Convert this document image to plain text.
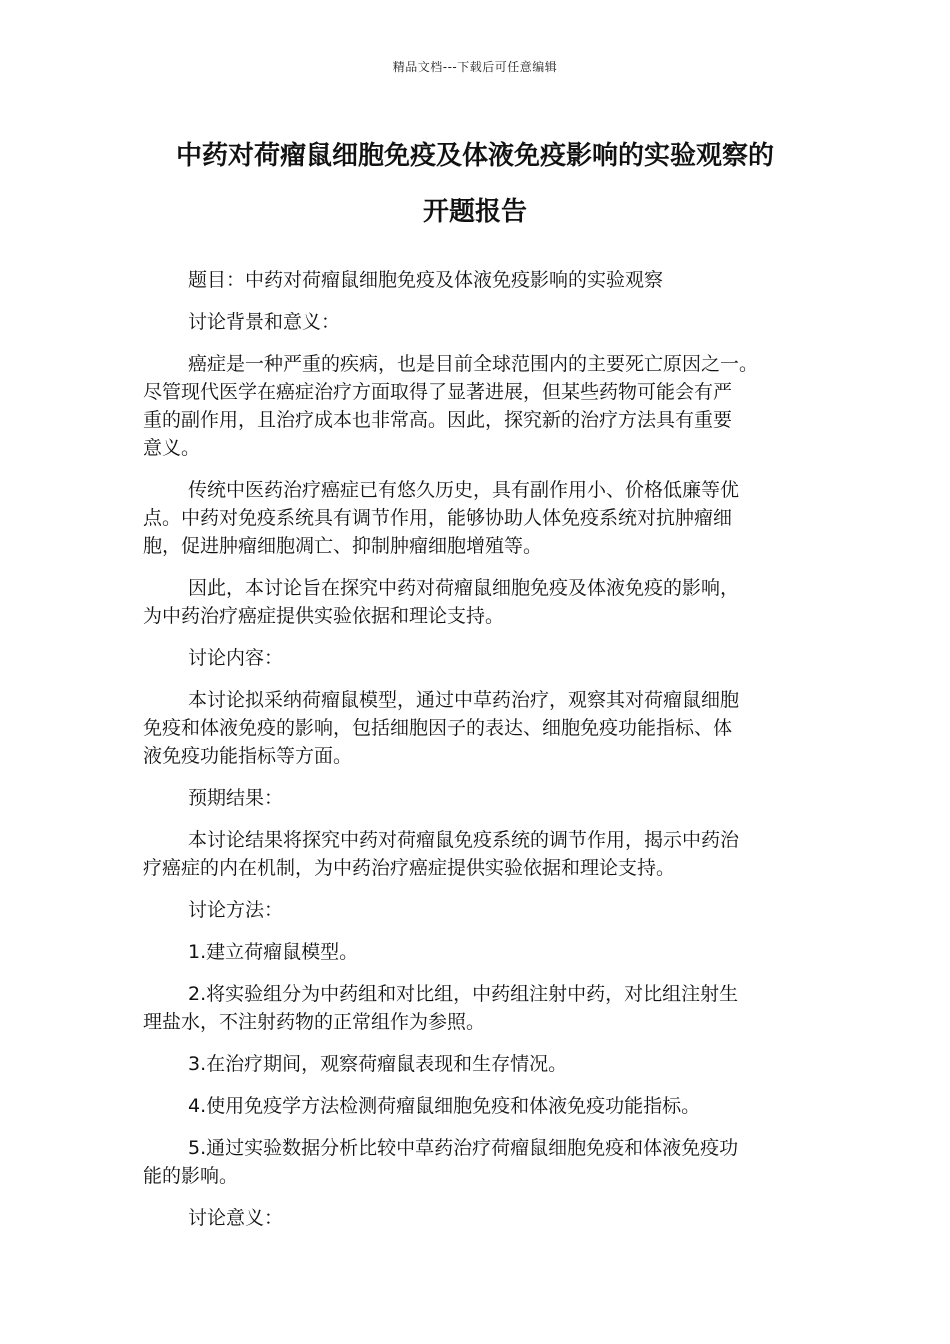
精品文档---下载后可任意编辑
中药对荷瘤鼠细胞免疫及体液免疫影响的实验观察的
开题报告

题目：中药对荷瘤鼠细胞免疫及体液免疫影响的实验观察

讨论背景和意义：

癌症是一种严重的疾病，也是目前全球范围内的主要死亡原因之一。
尽管现代医学在癌症治疗方面取得了显著进展，但某些药物可能会有严
重的副作用，且治疗成本也非常高。因此，探究新的治疗方法具有重要
意义。

传统中医药治疗癌症已有悠久历史，具有副作用小、价格低廉等优
点。中药对免疫系统具有调节作用，能够协助人体免疫系统对抗肿瘤细
胞，促进肿瘤细胞凋亡、抑制肿瘤细胞增殖等。

因此，本讨论旨在探究中药对荷瘤鼠细胞免疫及体液免疫的影响，
为中药治疗癌症提供实验依据和理论支持。

讨论内容：

本讨论拟采纳荷瘤鼠模型，通过中草药治疗，观察其对荷瘤鼠细胞
免疫和体液免疫的影响，包括细胞因子的表达、细胞免疫功能指标、体
液免疫功能指标等方面。

预期结果：

本讨论结果将探究中药对荷瘤鼠免疫系统的调节作用，揭示中药治
疗癌症的内在机制，为中药治疗癌症提供实验依据和理论支持。

讨论方法：

1.建立荷瘤鼠模型。

2.将实验组分为中药组和对比组，中药组注射中药，对比组注射生
理盐水，不注射药物的正常组作为参照。

3.在治疗期间，观察荷瘤鼠表现和生存情况。

4.使用免疫学方法检测荷瘤鼠细胞免疫和体液免疫功能指标。

5.通过实验数据分析比较中草药治疗荷瘤鼠细胞免疫和体液免疫功
能的影响。

讨论意义：
